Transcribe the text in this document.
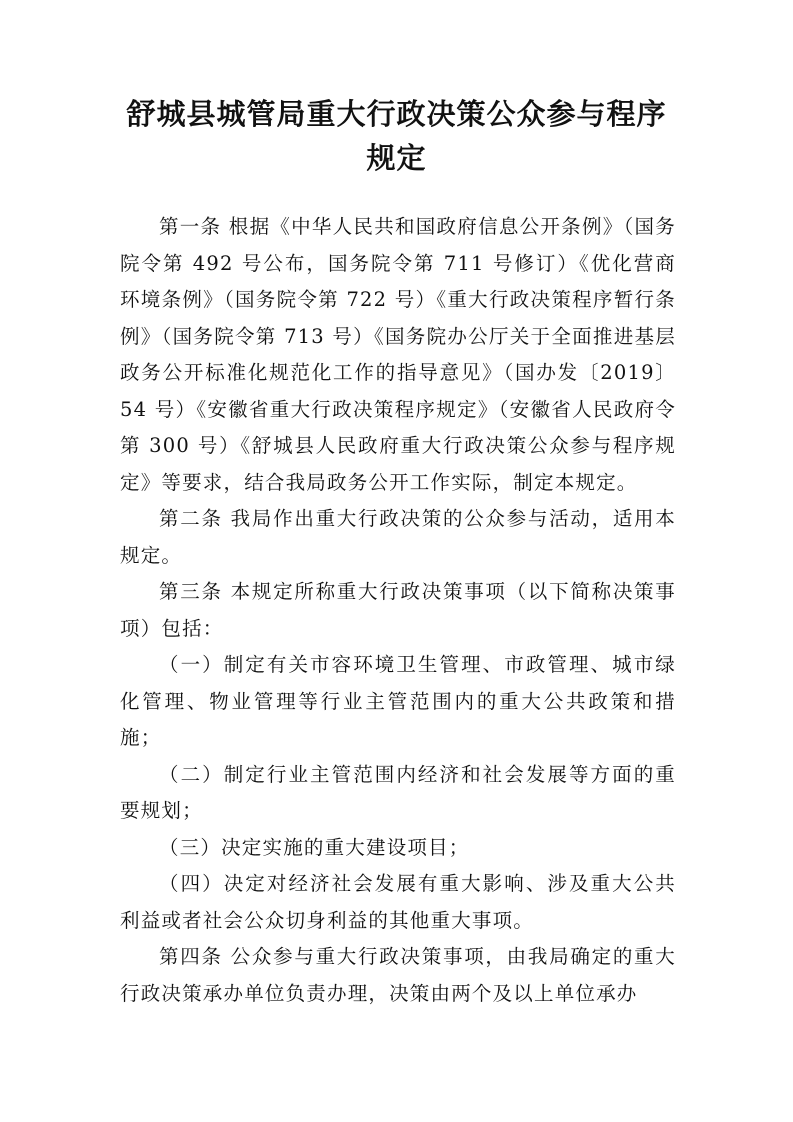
舒城县城管局重大行政决策公众参与程序
规定

第一条 根据《中华人民共和国政府信息公开条例》（国务院令第 492 号公布，国务院令第 711 号修订）《优化营商环境条例》（国务院令第 722 号）《重大行政决策程序暂行条例》（国务院令第 713 号）《国务院办公厅关于全面推进基层政务公开标准化规范化工作的指导意见》（国办发〔2019〕54 号）《安徽省重大行政决策程序规定》（安徽省人民政府令第 300 号）《舒城县人民政府重大行政决策公众参与程序规定》等要求，结合我局政务公开工作实际，制定本规定。

第二条 我局作出重大行政决策的公众参与活动，适用本规定。

第三条 本规定所称重大行政决策事项（以下简称决策事项）包括：

（一）制定有关市容环境卫生管理、市政管理、城市绿化管理、物业管理等行业主管范围内的重大公共政策和措施；

（二）制定行业主管范围内经济和社会发展等方面的重要规划；

（三）决定实施的重大建设项目；

（四）决定对经济社会发展有重大影响、涉及重大公共利益或者社会公众切身利益的其他重大事项。

第四条 公众参与重大行政决策事项，由我局确定的重大行政决策承办单位负责办理，决策由两个及以上单位承办
